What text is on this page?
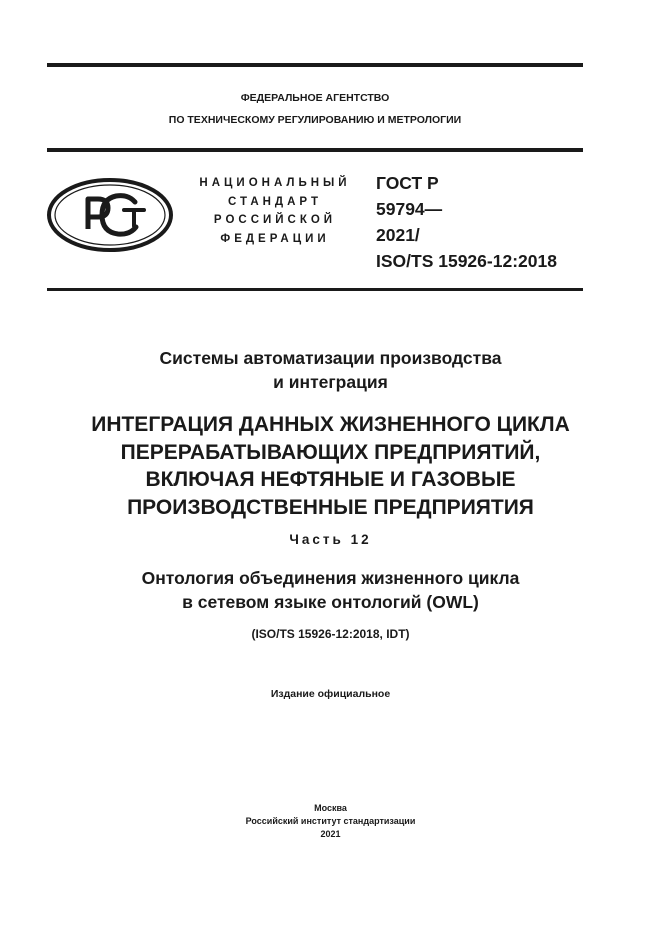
ФЕДЕРАЛЬНОЕ АГЕНТСТВО
ПО ТЕХНИЧЕСКОМУ РЕГУЛИРОВАНИЮ И МЕТРОЛОГИИ
НАЦИОНАЛЬНЫЙ
СТАНДАРТ
РОССИЙСКОЙ
ФЕДЕРАЦИИ
ГОСТ Р
59794—
2021/
ISO/TS 15926-12:2018
Системы автоматизации производства
и интеграция
ИНТЕГРАЦИЯ ДАННЫХ ЖИЗНЕННОГО ЦИКЛА
ПЕРЕРАБАТЫВАЮЩИХ ПРЕДПРИЯТИЙ,
ВКЛЮЧАЯ НЕФТЯНЫЕ И ГАЗОВЫЕ
ПРОИЗВОДСТВЕННЫЕ ПРЕДПРИЯТИЯ
Часть 12
Онтология объединения жизненного цикла
в сетевом языке онтологий (OWL)
(ISO/TS 15926-12:2018, IDT)
Издание официальное
Москва
Российский институт стандартизации
2021
